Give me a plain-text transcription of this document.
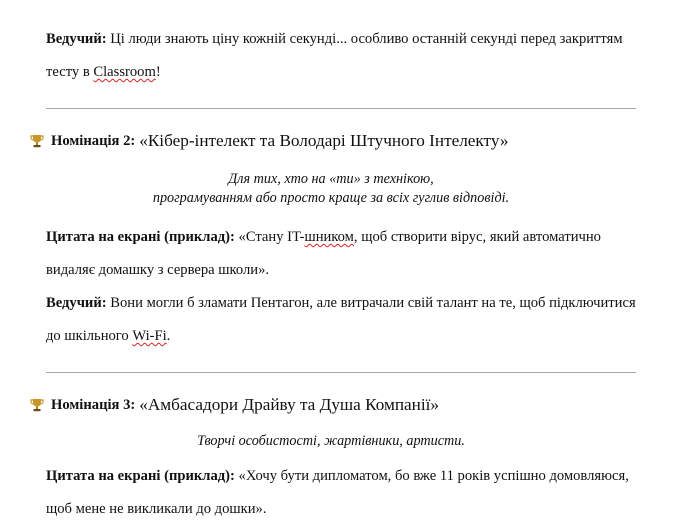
Ведучий: Ці люди знають ціну кожній секунді... особливо останній секунді перед закриттям
тесту в Classroom!
Номінація 2: «Кібер-інтелект та Володарі Штучного Інтелекту»
Для тих, хто на «ти» з технікою,
програмуванням або просто краще за всіх гуглив відповіді.
Цитата на екрані (приклад): «Стану IT-шником, щоб створити вірус, який автоматично
видаляє домашку з сервера школи».
Ведучий: Вони могли б зламати Пентагон, але витрачали свій талант на те, щоб підключитися
до шкільного Wi-Fi.
Номінація 3: «Амбасадори Драйву та Душа Компанії»
Творчі особистості, жартівники, артисти.
Цитата на екрані (приклад): «Хочу бути дипломатом, бо вже 11 років успішно домовляюся,
щоб мене не викликали до дошки».
